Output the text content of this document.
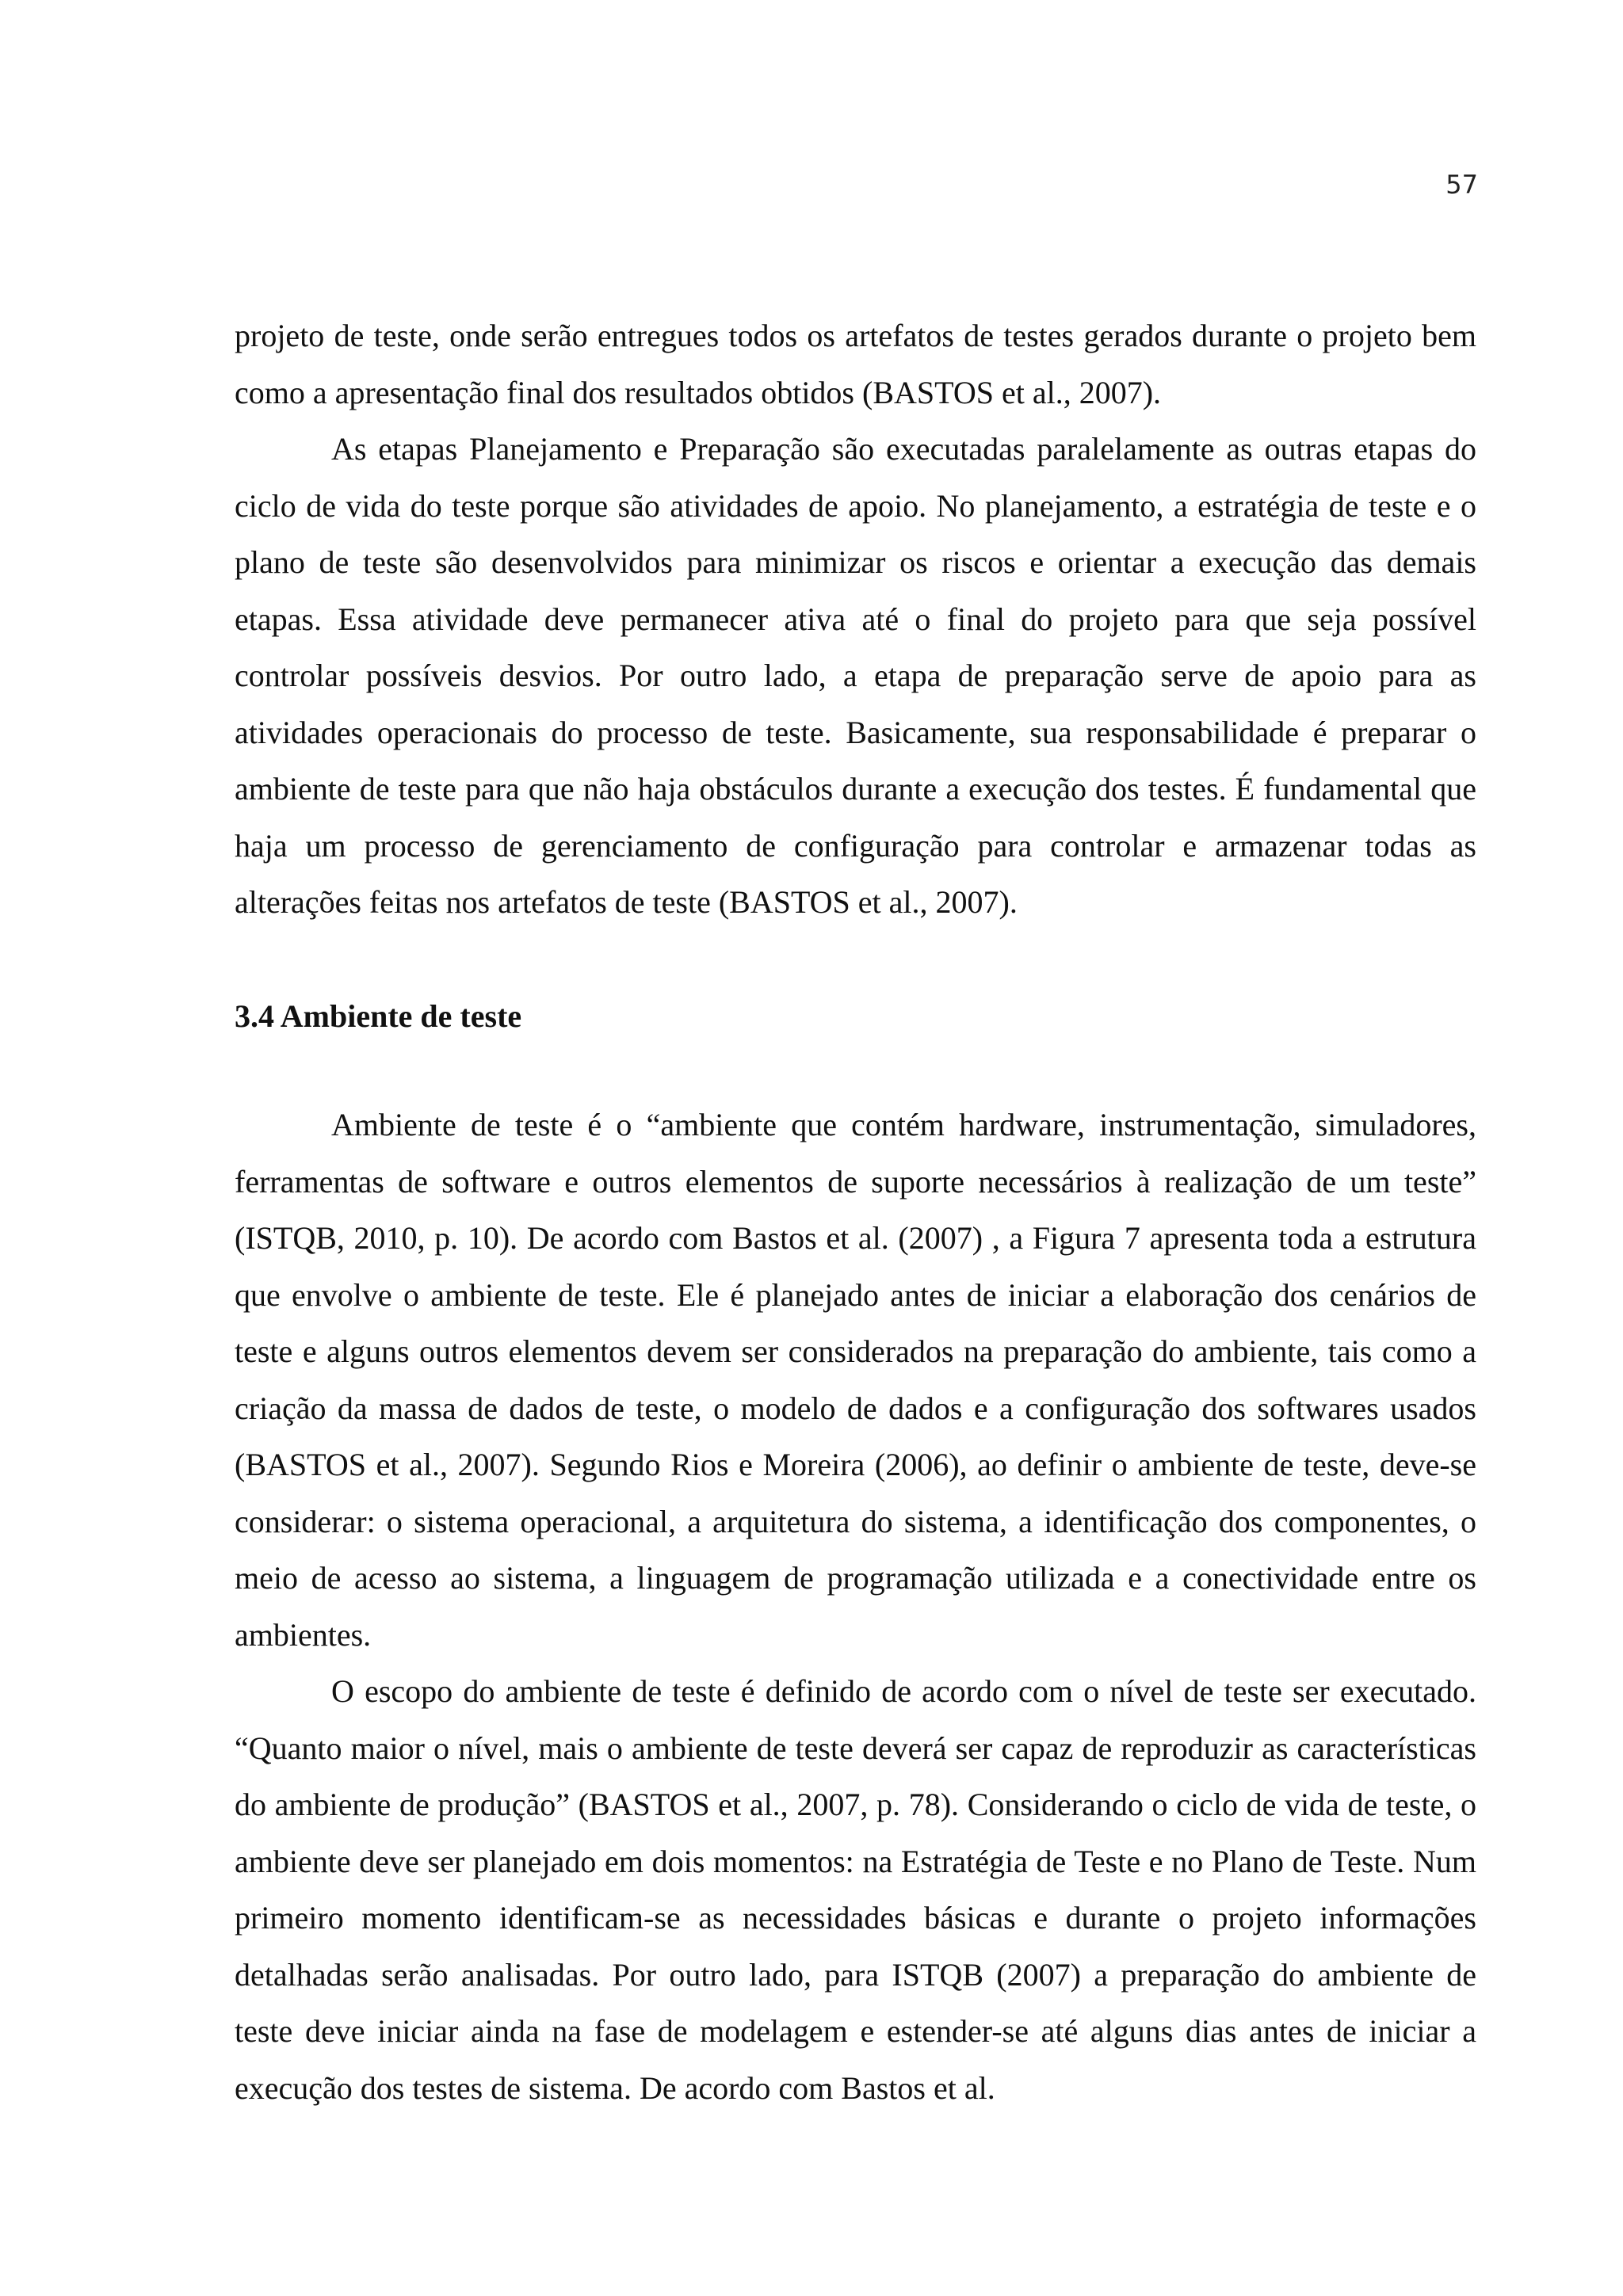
57

projeto de teste, onde serão entregues todos os artefatos de testes gerados durante o projeto bem como a apresentação final dos resultados obtidos (BASTOS et al., 2007).

As etapas Planejamento e Preparação são executadas paralelamente as outras etapas do ciclo de vida do teste porque são atividades de apoio. No planejamento, a estratégia de teste e o plano de teste são desenvolvidos para minimizar os riscos e orientar a execução das demais etapas. Essa atividade deve permanecer ativa até o final do projeto para que seja possível controlar possíveis desvios. Por outro lado, a etapa de preparação serve de apoio para as atividades operacionais do processo de teste. Basicamente, sua responsabilidade é preparar o ambiente de teste para que não haja obstáculos durante a execução dos testes. É fundamental que haja um processo de gerenciamento de configuração para controlar e armazenar todas as alterações feitas nos artefatos de teste (BASTOS et al., 2007).

3.4 Ambiente de teste

Ambiente de teste é o “ambiente que contém hardware, instrumentação, simuladores, ferramentas de software e outros elementos de suporte necessários à realização de um teste” (ISTQB, 2010, p. 10). De acordo com Bastos et al. (2007) , a Figura 7 apresenta toda a estrutura que envolve o ambiente de teste. Ele é planejado antes de iniciar a elaboração dos cenários de teste e alguns outros elementos devem ser considerados na preparação do ambiente, tais como a criação da massa de dados de teste, o modelo de dados e a configuração dos softwares usados (BASTOS et al., 2007). Segundo Rios e Moreira (2006), ao definir o ambiente de teste, deve-se considerar: o sistema operacional, a arquitetura do sistema, a identificação dos componentes, o meio de acesso ao sistema, a linguagem de programação utilizada e a conectividade entre os ambientes.

O escopo do ambiente de teste é definido de acordo com o nível de teste ser executado. “Quanto maior o nível, mais o ambiente de teste deverá ser capaz de reproduzir as características do ambiente de produção” (BASTOS et al., 2007, p. 78). Considerando o ciclo de vida de teste, o ambiente deve ser planejado em dois momentos: na Estratégia de Teste e no Plano de Teste. Num primeiro momento identificam-se as necessidades básicas e durante o projeto informações detalhadas serão analisadas. Por outro lado, para ISTQB (2007) a preparação do ambiente de teste deve iniciar ainda na fase de modelagem e estender-se até alguns dias antes de iniciar a execução dos testes de sistema. De acordo com Bastos et al.
